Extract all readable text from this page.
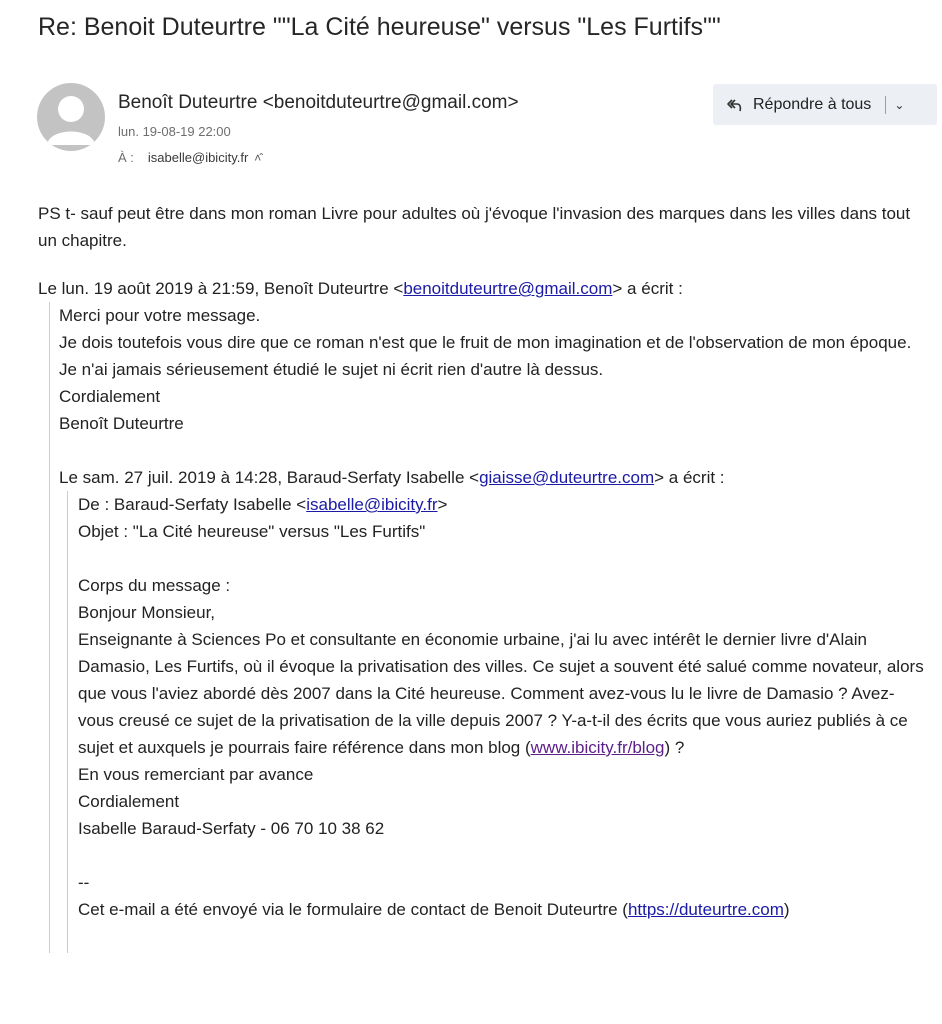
Re: Benoit Duteurtre ""La Cité heureuse" versus "Les Furtifs""
Benoît Duteurtre <benoitduteurtre@gmail.com>
lun. 19-08-19 22:00
À : isabelle@ibicity.fr ˄̂
Répondre à tous ⌄

PS t- sauf peut être dans mon roman Livre pour adultes où j'évoque l'invasion des marques dans les villes dans tout un chapitre.

Le lun. 19 août 2019 à 21:59, Benoît Duteurtre <benoitduteurtre@gmail.com> a écrit :

Merci pour votre message.

Je dois toutefois vous dire que ce roman n'est que le fruit de mon imagination et de l'observation de mon époque. Je n'ai jamais sérieusement étudié le sujet ni écrit rien d'autre là dessus.

Cordialement

Benoît Duteurtre

Le sam. 27 juil. 2019 à 14:28, Baraud-Serfaty Isabelle <giaisse@duteurtre.com> a écrit :

De : Baraud-Serfaty Isabelle <isabelle@ibicity.fr>

Objet : "La Cité heureuse" versus "Les Furtifs"

Corps du message :

Bonjour Monsieur,

Enseignante à Sciences Po et consultante en économie urbaine, j'ai lu avec intérêt le dernier livre d'Alain Damasio, Les Furtifs, où il évoque la privatisation des villes. Ce sujet a souvent été salué comme novateur, alors que vous l'aviez abordé dès 2007 dans la Cité heureuse. Comment avez-vous lu le livre de Damasio ? Avez-vous creusé ce sujet de la privatisation de la ville depuis 2007 ? Y-a-t-il des écrits que vous auriez publiés à ce sujet et auxquels je pourrais faire référence dans mon blog (www.ibicity.fr/blog) ?

En vous remerciant par avance

Cordialement

Isabelle Baraud-Serfaty - 06 70 10 38 62

--

Cet e-mail a été envoyé via le formulaire de contact de Benoit Duteurtre (https://duteurtre.com)
